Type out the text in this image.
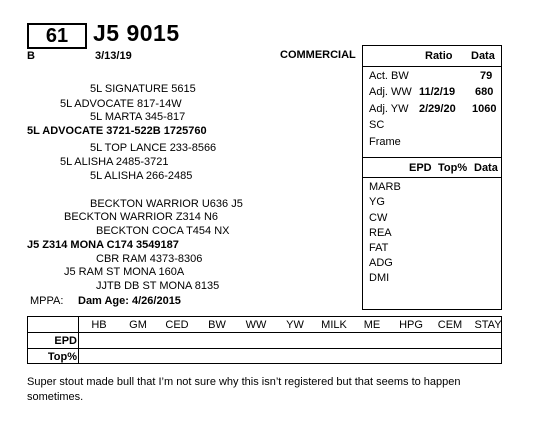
61	J5 9015
B	3/13/19	COMMERCIAL
5L SIGNATURE 5615
5L ADVOCATE 817-14W
5L MARTA 345-817
5L ADVOCATE 3721-522B 1725760
5L TOP LANCE 233-8566
5L ALISHA 2485-3721
5L ALISHA 266-2485
BECKTON WARRIOR U636 J5
BECKTON WARRIOR Z314 N6
BECKTON COCA T454 NX
J5 Z314 MONA C174 3549187
CBR RAM 4373-8306
J5 RAM ST MONA 160A
JJTB DB ST MONA 8135
MPPA: Dam Age: 4/26/2015
Ratio Data
Act. BW	79
Adj. WW 11/2/19 680
Adj. YW 2/29/20 1060
SC
Frame
EPD Top% Data
MARB
YG
CW
REA
FAT
ADG
DMI
HB GM CED BW WW YW MILK ME HPG CEM STAY
EPD
Top%
Super stout made bull that I’m not sure why this isn’t registered but that seems to happen sometimes.
